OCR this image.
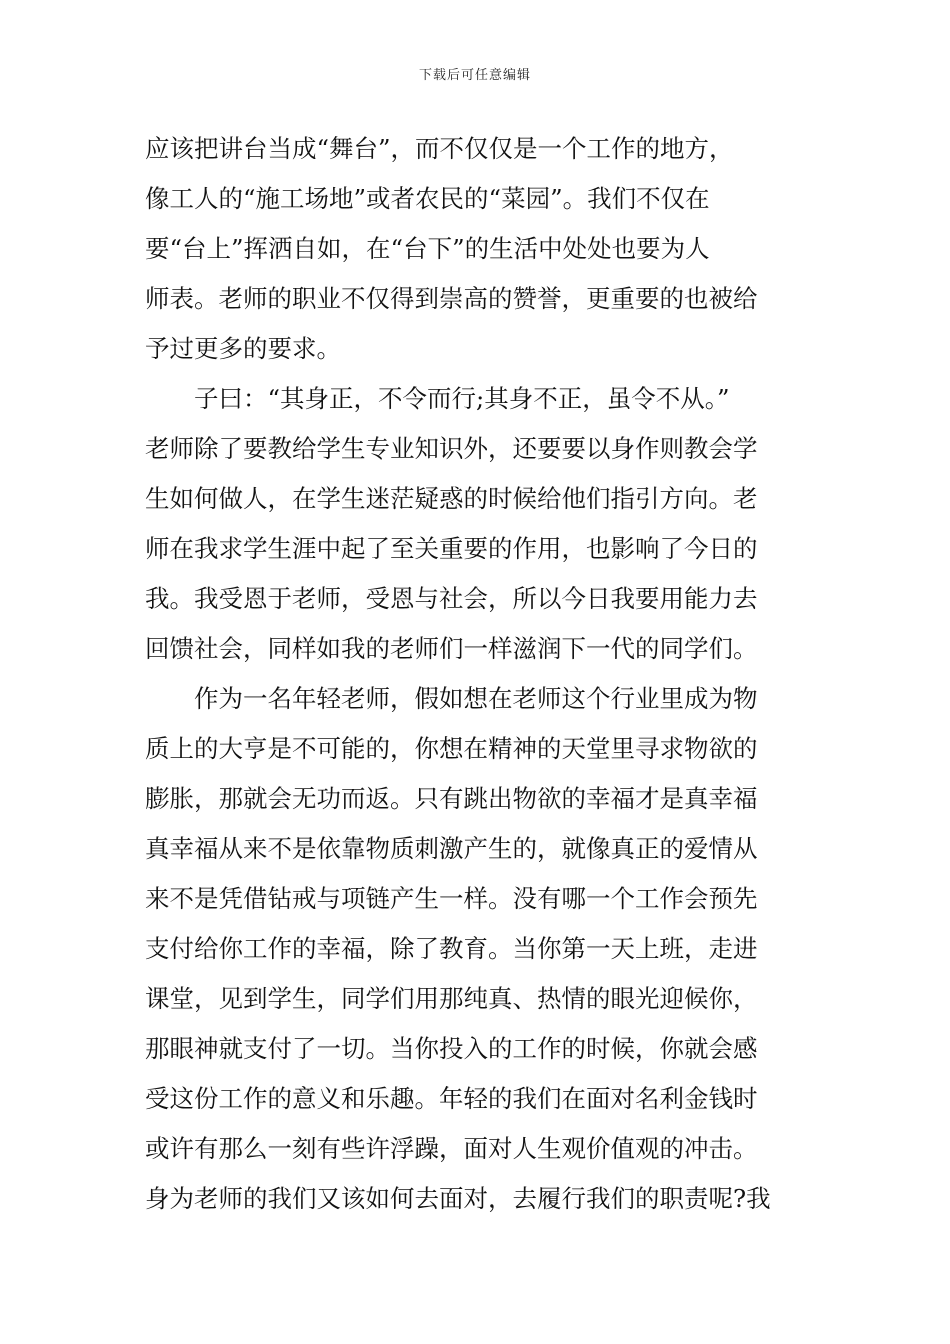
下载后可任意编辑
应该把讲台当成“舞台”，而不仅仅是一个工作的地方，
像工人的“施工场地”或者农民的“菜园”。我们不仅在
要“台上”挥洒自如，在“台下”的生活中处处也要为人
师表。老师的职业不仅得到崇高的赞誉，更重要的也被给
予过更多的要求。
　　子曰：“其身正，不令而行;其身不正，虽令不从。”
老师除了要教给学生专业知识外，还要要以身作则教会学
生如何做人，在学生迷茫疑惑的时候给他们指引方向。老
师在我求学生涯中起了至关重要的作用，也影响了今日的
我。我受恩于老师，受恩与社会，所以今日我要用能力去
回馈社会，同样如我的老师们一样滋润下一代的同学们。
　　作为一名年轻老师，假如想在老师这个行业里成为物
质上的大亨是不可能的，你想在精神的天堂里寻求物欲的
膨胀，那就会无功而返。只有跳出物欲的幸福才是真幸福
真幸福从来不是依靠物质刺激产生的，就像真正的爱情从
来不是凭借钻戒与项链产生一样。没有哪一个工作会预先
支付给你工作的幸福，除了教育。当你第一天上班，走进
课堂，见到学生，同学们用那纯真、热情的眼光迎候你，
那眼神就支付了一切。当你投入的工作的时候，你就会感
受这份工作的意义和乐趣。年轻的我们在面对名利金钱时
或许有那么一刻有些许浮躁，面对人生观价值观的冲击。
身为老师的我们又该如何去面对，去履行我们的职责呢?我
